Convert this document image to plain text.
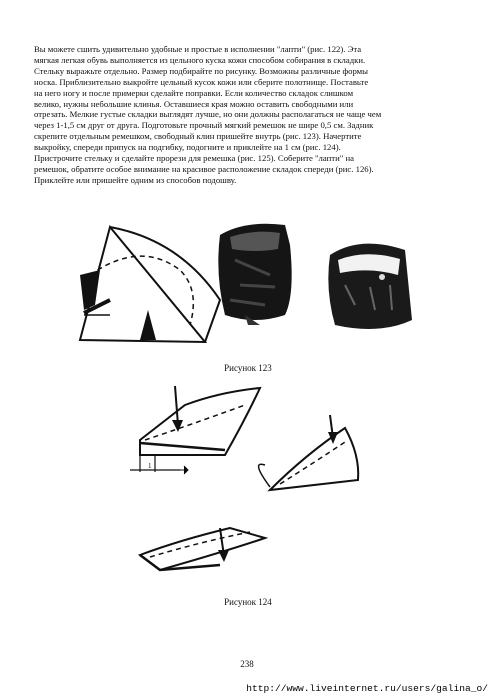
Вы можете сшить удивительно удобные и простые в исполнении "лапти" (рис. 122). Эта
мягкая легкая обувь выполняется из цельного куска кожи способом собирания в складки.
Стельку выражьте отдельно. Размер подбирайте по рисунку. Возможны различные формы
носка. Приблизительно выкройте цельный кусок кожи или сберите полотнище. Поставьте
на него ногу и после примерки сделайте поправки. Если количество складок слишком
велико, нужны небольшие клинья. Оставшиеся края можно оставить свободными или
отрезать. Мелкие густые складки выглядят лучше, но они должны располагаться не чаще чем
через 1-1,5 см друг от друга. Подготовьте прочный мягкий ремешок не шире 0,5 см. Задник
скрепите отдельным ремешком, свободный клин пришейте внутрь (рис. 123). Начертите
выкройку, спереди припуск на подгибку, подогните и приклейте на 1 см (рис. 124).
Пристрочите стельку и сделайте прорези для ремешка (рис. 125). Соберите "лапти" на
ремешок, обратите особое внимание на красивое расположение складок спереди (рис. 126).
Приклейте или пришейте одним из способов подошву.
Рисунок 123
1
Рисунок 124
238
http://www.liveinternet.ru/users/galina_o/
